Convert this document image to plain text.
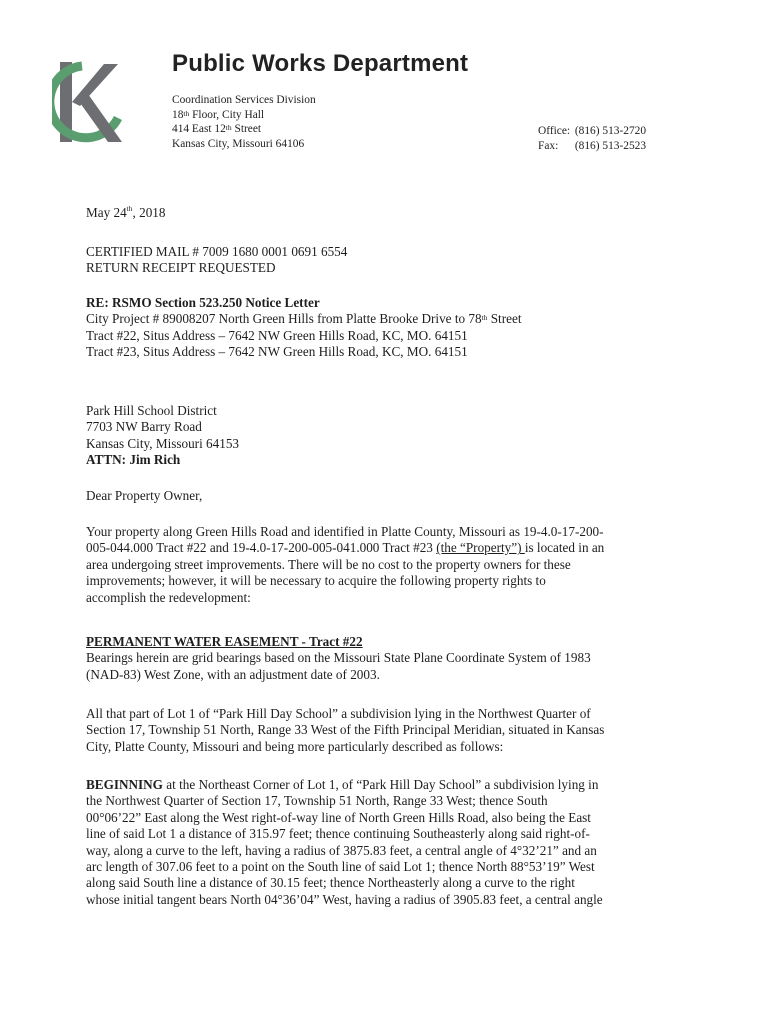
Public Works Department
Coordination Services Division
18th Floor, City Hall
414 East 12th Street
Kansas City, Missouri 64106
Office: (816) 513-2720
Fax: (816) 513-2523
May 24th, 2018
CERTIFIED MAIL # 7009 1680 0001 0691 6554
RETURN RECEIPT REQUESTED
RE: RSMO Section 523.250 Notice Letter
City Project # 89008207 North Green Hills from Platte Brooke Drive to 78th Street
Tract #22, Situs Address – 7642 NW Green Hills Road, KC, MO. 64151
Tract #23, Situs Address – 7642 NW Green Hills Road, KC, MO. 64151
Park Hill School District
7703 NW Barry Road
Kansas City, Missouri 64153
ATTN: Jim Rich
Dear Property Owner,
Your property along Green Hills Road and identified in Platte County, Missouri as 19-4.0-17-200-
005-044.000 Tract #22 and 19-4.0-17-200-005-041.000 Tract #23 (the “Property”) is located in an
area undergoing street improvements. There will be no cost to the property owners for these
improvements; however, it will be necessary to acquire the following property rights to
accomplish the redevelopment:
PERMANENT WATER EASEMENT - Tract #22
Bearings herein are grid bearings based on the Missouri State Plane Coordinate System of 1983
(NAD-83) West Zone, with an adjustment date of 2003.
All that part of Lot 1 of “Park Hill Day School” a subdivision lying in the Northwest Quarter of
Section 17, Township 51 North, Range 33 West of the Fifth Principal Meridian, situated in Kansas
City, Platte County, Missouri and being more particularly described as follows:
BEGINNING at the Northeast Corner of Lot 1, of “Park Hill Day School” a subdivision lying in
the Northwest Quarter of Section 17, Township 51 North, Range 33 West; thence South
00°06’22” East along the West right-of-way line of North Green Hills Road, also being the East
line of said Lot 1 a distance of 315.97 feet; thence continuing Southeasterly along said right-of-
way, along a curve to the left, having a radius of 3875.83 feet, a central angle of 4°32’21” and an
arc length of 307.06 feet to a point on the South line of said Lot 1; thence North 88°53’19” West
along said South line a distance of 30.15 feet; thence Northeasterly along a curve to the right
whose initial tangent bears North 04°36’04” West, having a radius of 3905.83 feet, a central angle
